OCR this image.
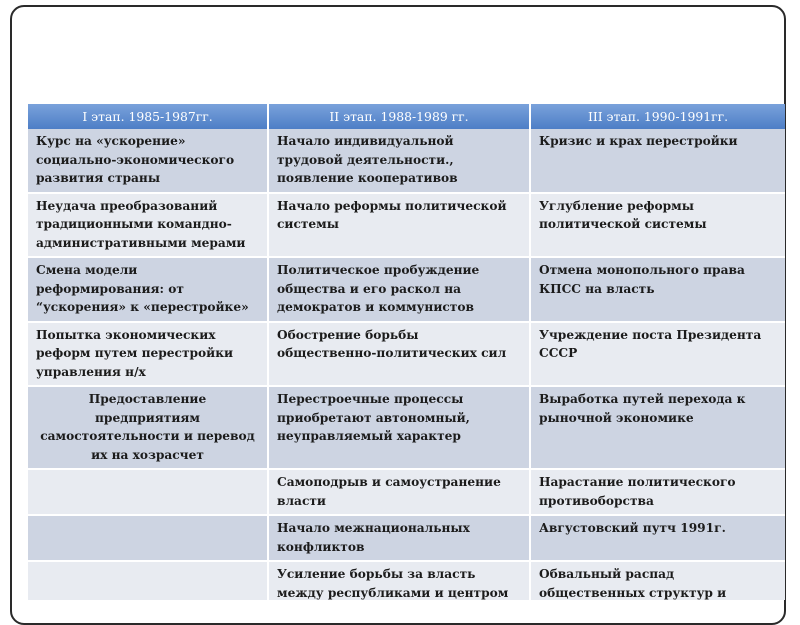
I этап. 1985-1987гг.	II этап. 1988-1989 гг.	III этап. 1990-1991гг.
Курс на «ускорение» социально-экономического развития страны	Начало индивидуальной трудовой деятельности., появление кооперативов	Кризис и крах перестройки
Неудача преобразований традиционными командно-административными мерами	Начало реформы политической системы	Углубление реформы политической системы
Смена модели реформирования: от “ускорения» к «перестройке»	Политическое пробуждение общества и его раскол на демократов и коммунистов	Отмена монопольного права КПСС на власть
Попытка экономических реформ путем перестройки управления н/х	Обострение борьбы общественно-политических сил	Учреждение поста Президента СССР
Предоставление предприятиям самостоятельности и перевод их на хозрасчет	Перестроечные процессы приобретают автономный, неуправляемый характер	Выработка путей перехода к рыночной экономике
	Самоподрыв и самоустранение власти	Нарастание политического противоборства
	Начало межнациональных конфликтов	Августовский путч 1991г.
	Усиление борьбы за власть между республиками и центром	Обвальный распад общественных структур и
